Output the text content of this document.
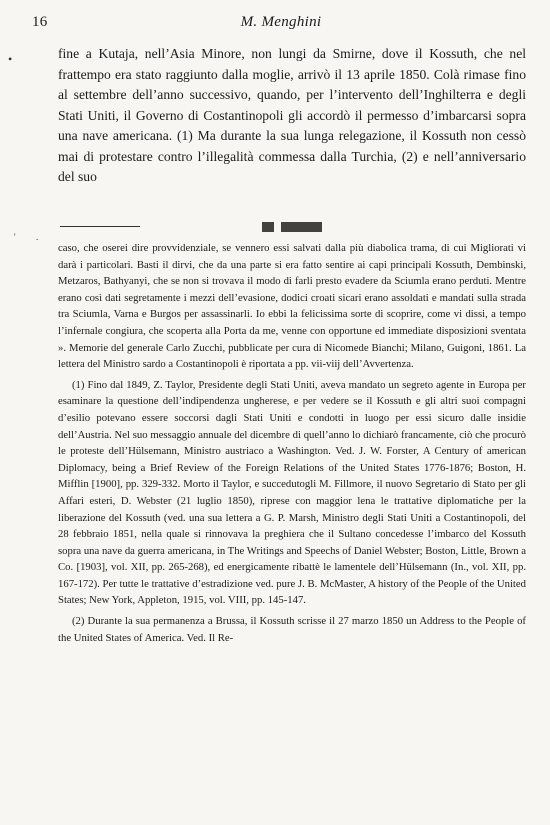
16	M. Menghini
•	fine a Kutaja, nell’Asia Minore, non lungi da Smirne, dove il Kossuth, che nel frattempo era stato raggiunto dalla moglie, arrivò il 13 aprile 1850. Colà rimase fino al settembre dell’anno successivo, quando, per l’intervento dell’Inghilterra e degli Stati Uniti, il Governo di Costantinopoli gli accordò il permesso d’imbarcarsi sopra una nave americana. (1) Ma durante la sua lunga relegazione, il Kossuth non cessò mai di protestare contro l’illegalità commessa dalla Turchia, (2) e nell’anniversario del suo

' .

caso, che oserei dire provvidenziale, se vennero essi salvati dalla più diabolica trama, di cui Migliorati vi darà i particolari. Basti il dirvi, che da una parte si era fatto sentire ai capi principali Kossuth, Dembinski, Metzaros, Bathyanyi, che se non si trovava il modo di farli presto evadere da Sciumla erano perduti. Mentre erano così dati segretamente i mezzi dell’evasione, dodici croati sicari erano assoldati e mandati sulla strada tra Sciumla, Varna e Burgos per assassinarli. Io ebbi la felicissima sorte di scoprire, come vi dissi, a tempo l’infernale congiura, che scoperta alla Porta da me, venne con opportune ed immediate disposizioni sventata ». Memorie del generale Carlo Zucchi, pubblicate per cura di Nicomede Bianchi; Milano, Guigoni, 1861. La lettera del Ministro sardo a Costantinopoli è riportata a pp. vii-viij dell’Avvertenza.

(1) Fino dal 1849, Z. Taylor, Presidente degli Stati Uniti, aveva mandato un segreto agente in Europa per esaminare la questione dell’indipendenza ungherese, e per vedere se il Kossuth e gli altri suoi compagni d’esilio potevano essere soccorsi dagli Stati Uniti e condotti in luogo per essi sicuro dalle insidie dell’Austria. Nel suo messaggio annuale del dicembre di quell’anno lo dichiarò francamente, ciò che procurò le proteste dell’Hülsemann, Ministro austriaco a Washington. Ved. J. W. Forster, A Century of american Diplomacy, being a Brief Review of the Foreign Relations of the United States 1776-1876; Boston, H. Mifflin [1900], pp. 329-332. Morto il Taylor, e succedutogli M. Fillmore, il nuovo Segretario di Stato per gli Affari esteri, D. Webster (21 luglio 1850), riprese con maggior lena le trattative diplomatiche per la liberazione del Kossuth (ved. una sua lettera a G. P. Marsh, Ministro degli Stati Uniti a Costantinopoli, del 28 febbraio 1851, nella quale si rinnovava la preghiera che il Sultano concedesse l’imbarco del Kossuth sopra una nave da guerra americana, in The Writings and Speechs of Daniel Webster; Boston, Little, Brown a Co. [1903], vol. XII, pp. 265-268), ed energicamente ribattè le lamentele dell’Hülsemann (In., vol. XII, pp. 167-172). Per tutte le trattative d’estradizione ved. pure J. B. McMaster, A history of the People of the United States; New York, Appleton, 1915, vol. VIII, pp. 145-147.

(2) Durante la sua permanenza a Brussa, il Kossuth scrisse il 27 marzo 1850 un Address to the People of the United States of America. Ved. Il Re-
